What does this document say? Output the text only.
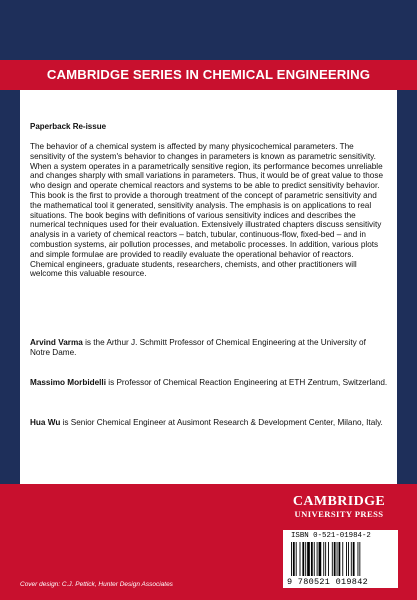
CAMBRIDGE SERIES IN CHEMICAL ENGINEERING
Paperback Re-issue

The behavior of a chemical system is affected by many physicochemical parameters. The sensitivity of the system's behavior to changes in parameters is known as parametric sensitivity. When a system operates in a parametrically sensitive region, its performance becomes unreliable and changes sharply with small variations in parameters. Thus, it would be of great value to those who design and operate chemical reactors and systems to be able to predict sensitivity behavior.

This book is the first to provide a thorough treatment of the concept of parametric sensitivity and the mathematical tool it generated, sensitivity analysis. The emphasis is on applications to real situations. The book begins with definitions of various sensitivity indices and describes the numerical techniques used for their evaluation. Extensively illustrated chapters discuss sensitivity analysis in a variety of chemical reactors – batch, tubular, continuous-flow, fixed-bed – and in combustion systems, air pollution processes, and metabolic processes. In addition, various plots and simple formulae are provided to readily evaluate the operational behavior of reactors. Chemical engineers, graduate students, researchers, chemists, and other practitioners will welcome this valuable resource.

Arvind Varma is the Arthur J. Schmitt Professor of Chemical Engineering at the University of Notre Dame.

Massimo Morbidelli is Professor of Chemical Reaction Engineering at ETH Zentrum, Switzerland.

Hua Wu is Senior Chemical Engineer at Ausimont Research & Development Center, Milano, Italy.

CAMBRIDGE
UNIVERSITY PRESS
ISBN 0-521-01984-2
9 780521 019842
Cover design: C.J. Pettick, Hunter Design Associates
